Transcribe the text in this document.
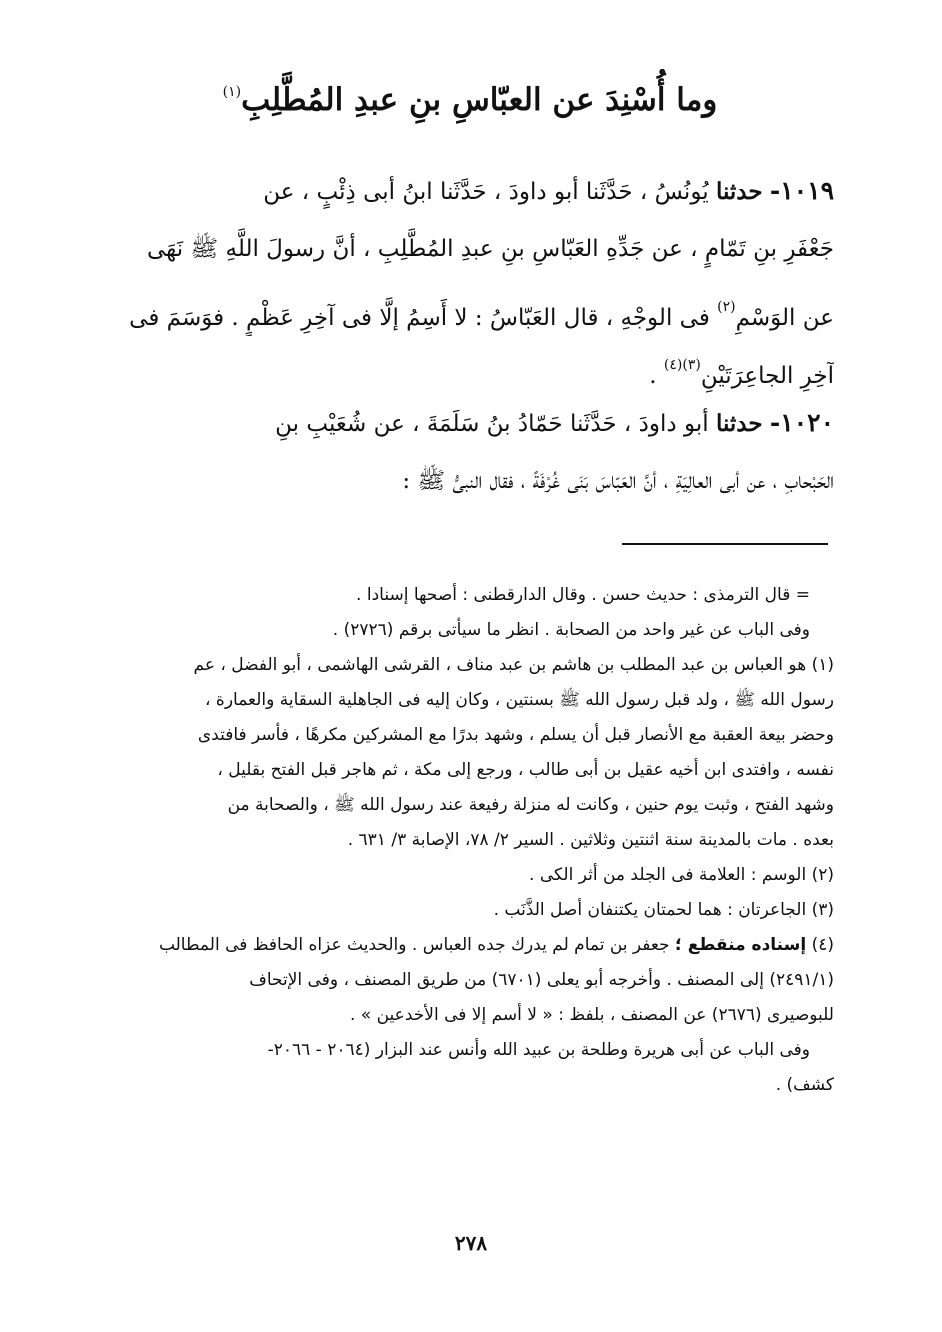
وما أُسْنِدَ عن العبّاسِ بنِ عبدِ المُطَّلِبِ$^{(١)}$

١٠١٩- حدثنا يُونُسُ ، حَدَّثَنا أبو داودَ ، حَدَّثَنا ابنُ أبى ذِئْبٍ ، عن

جَعْفَرِ بنِ تَمّامٍ ، عن جَدِّهِ العَبّاسِ بنِ عبدِ المُطَّلِبِ ، أنَّ رسولَ اللَّهِ ﷺ نَهَى

عن الوَسْمِ$^{(٢)}$ فى الوجْهِ ، قال العَبّاسُ : لا أَسِمُ إلَّا فى آخِرِ عَظْمٍ . فوَسَمَ فى

آخِرِ الجاعِرَتَيْنِ$^{(٣)(٤)}$ .

١٠٢٠- حدثنا أبو داودَ ، حَدَّثَنا حَمّادُ بنُ سَلَمَةَ ، عن شُعَيْبِ بنِ

الحَبْحابِ ، عن أبى العالِيَةِ ، أنَّ العَبّاسَ بَنَى غُرْفَةً ، فقال النبىُّ ﷺ :

= قال الترمذى : حديث حسن . وقال الدارقطنى : أصحها إسنادا .

وفى الباب عن غير واحد من الصحابة . انظر ما سيأتى برقم (٢٧٢٦) .

(١) هو العباس بن عبد المطلب بن هاشم بن عبد مناف ، القرشى الهاشمى ، أبو الفضل ، عم

رسول الله ﷺ ، ولد قبل رسول الله ﷺ بسنتين ، وكان إليه فى الجاهلية السقاية والعمارة ،

وحضر بيعة العقبة مع الأنصار قبل أن يسلم ، وشهد بدرًا مع المشركين مكرهًا ، فأسر فافتدى

نفسه ، وافتدى ابن أخيه عقيل بن أبى طالب ، ورجع إلى مكة ، ثم هاجر قبل الفتح بقليل ،

وشهد الفتح ، وثبت يوم حنين ، وكانت له منزلة رفيعة عند رسول الله ﷺ ، والصحابة من

بعده . مات بالمدينة سنة اثنتين وثلاثين . السير ٢/ ٧٨، الإصابة ٣/ ٦٣١ .

(٢) الوسم : العلامة فى الجلد من أثر الكى .

(٣) الجاعرتان : هما لحمتان يكتنفان أصل الذَّنَب .

(٤) إسناده منقطع ؛ جعفر بن تمام لم يدرك جده العباس . والحديث عزاه الحافظ فى المطالب

(٢٤٩١/١) إلى المصنف . وأخرجه أبو يعلى (٦٧٠١) من طريق المصنف ، وفى الإتحاف

للبوصيرى (٢٦٧٦) عن المصنف ، بلفظ : « لا أسم إلا فى الأخدعين » .

وفى الباب عن أبى هريرة وطلحة بن عبيد الله وأنس عند البزار (٢٠٦٤ - ٢٠٦٦-

كشف) .

٢٧٨
